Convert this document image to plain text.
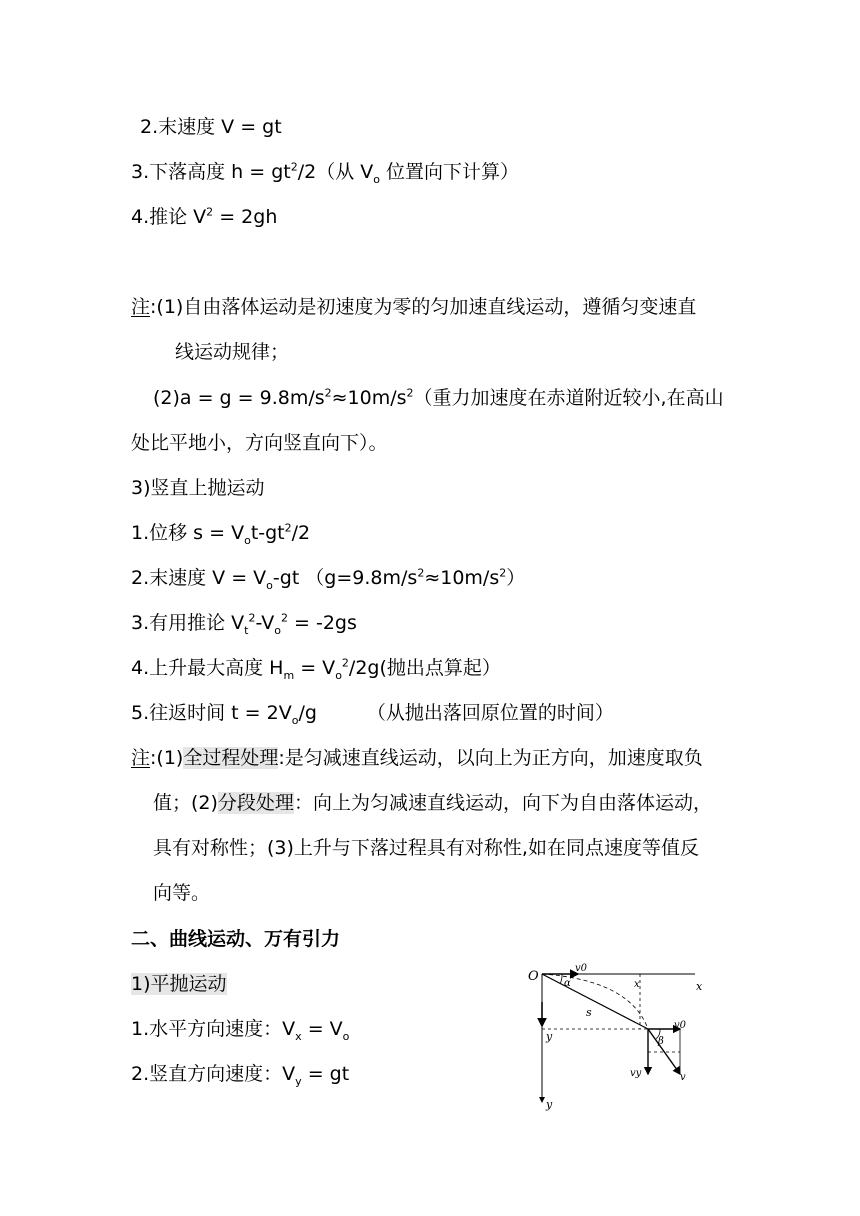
2.末速度 V = gt
3.下落高度 $h = gt^2/2$（从 $V_o$ 位置向下计算）
4.推论 $V^2 = 2gh$
注:(1)自由落体运动是初速度为零的匀加速直线运动，遵循匀变速直
线运动规律；
$(2)a = g = 9.8m/s^2\approx 10m/s^2$（重力加速度在赤道附近较小,在高山
处比平地小，方向竖直向下）。
3)竖直上抛运动
1.位移 $s = V_ot-gt^2/2$
2.末速度 $V = V_o-gt$ $(g=9.8m/s^2\approx 10m/s^2)$
3.有用推论 $V_t^2-V_o^2 = -2gs$
4.上升最大高度 $H_m = V_o^2/2g$(抛出点算起）
5.往返时间 $t = 2V_o/g$	（从抛出落回原位置的时间）
注:(1)全过程处理:是匀减速直线运动，以向上为正方向，加速度取负
值；(2)分段处理：向上为匀减速直线运动，向下为自由落体运动，
具有对称性；(3)上升与下落过程具有对称性,如在同点速度等值反
向等。
二、曲线运动、万有引力
1)平抛运动
1.水平方向速度：$V_x = V_o$
2.竖直方向速度：$V_y$ = gt
O
v0
α	x	x
s
y	β
v0
vy	v
y
